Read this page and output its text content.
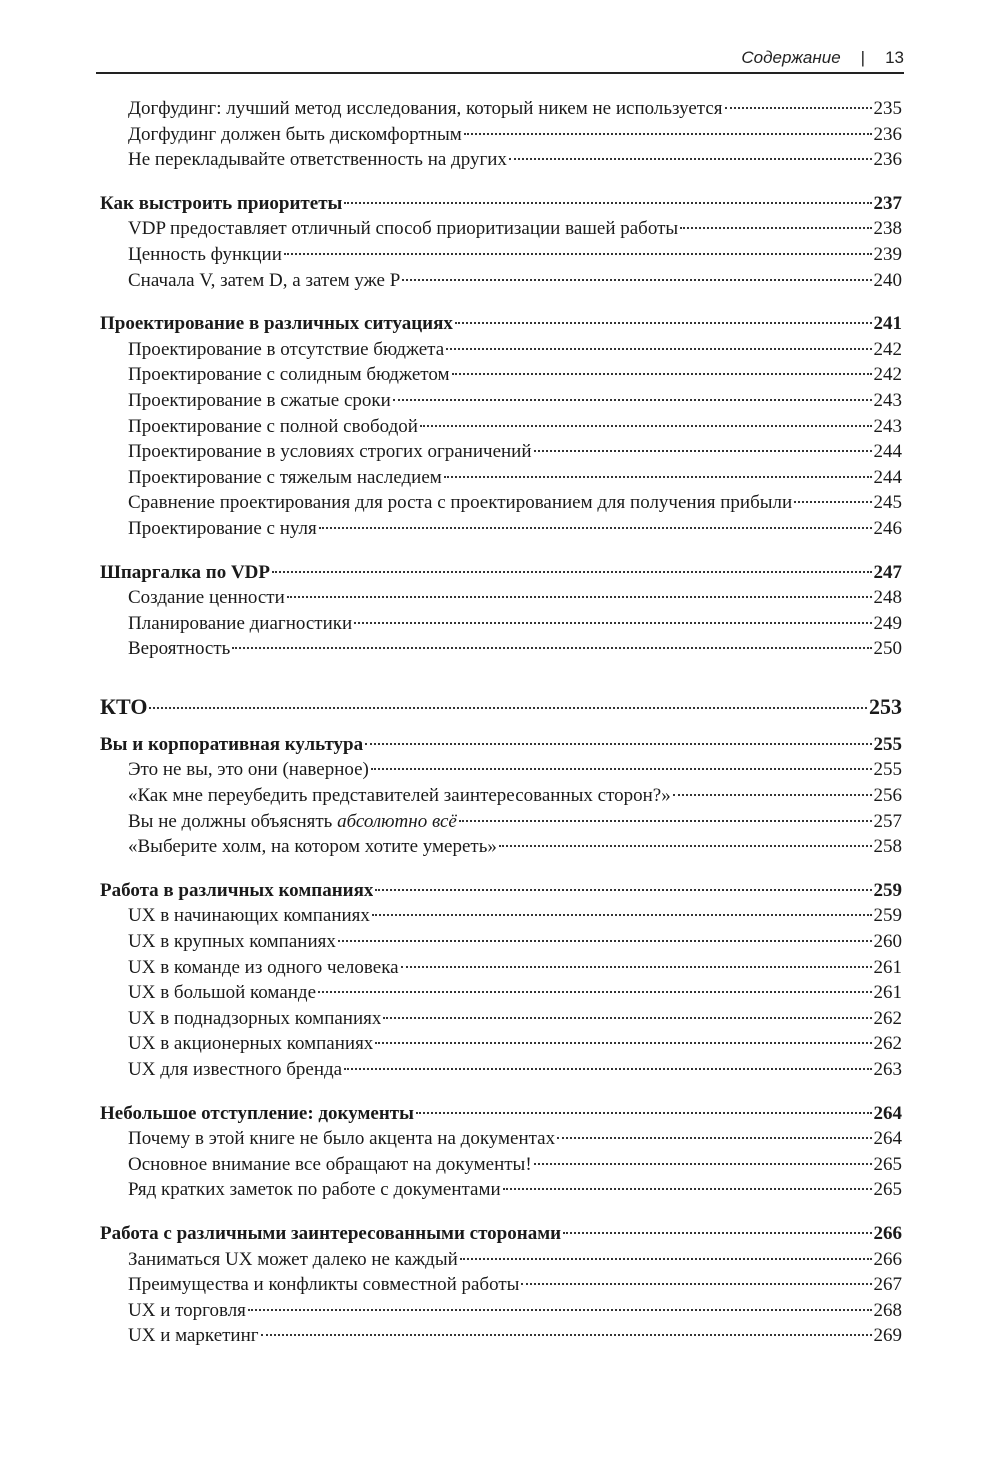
Содержание | 13
Догфудинг: лучший метод исследования, который никем не используется	235
Догфудинг должен быть дискомфортным	236
Не перекладывайте ответственность на других	236
Как выстроить приоритеты	237
VDP предоставляет отличный способ приоритизации вашей работы	238
Ценность функции	239
Сначала V, затем D, а затем уже P	240
Проектирование в различных ситуациях	241
Проектирование в отсутствие бюджета	242
Проектирование с солидным бюджетом	242
Проектирование в сжатые сроки	243
Проектирование с полной свободой	243
Проектирование в условиях строгих ограничений	244
Проектирование с тяжелым наследием	244
Сравнение проектирования для роста с проектированием для получения прибыли	245
Проектирование с нуля	246
Шпаргалка по VDP	247
Создание ценности	248
Планирование диагностики	249
Вероятность	250
КТО	253
Вы и корпоративная культура	255
Это не вы, это они (наверное)	255
«Как мне переубедить представителей заинтересованных сторон?»	256
Вы не должны объяснять абсолютно всё	257
«Выберите холм, на котором хотите умереть»	258
Работа в различных компаниях	259
UX в начинающих компаниях	259
UX в крупных компаниях	260
UX в команде из одного человека	261
UX в большой команде	261
UX в поднадзорных компаниях	262
UX в акционерных компаниях	262
UX для известного бренда	263
Небольшое отступление: документы	264
Почему в этой книге не было акцента на документах	264
Основное внимание все обращают на документы!	265
Ряд кратких заметок по работе с документами	265
Работа с различными заинтересованными сторонами	266
Заниматься UX может далеко не каждый	266
Преимущества и конфликты совместной работы	267
UX и торговля	268
UX и маркетинг	269
